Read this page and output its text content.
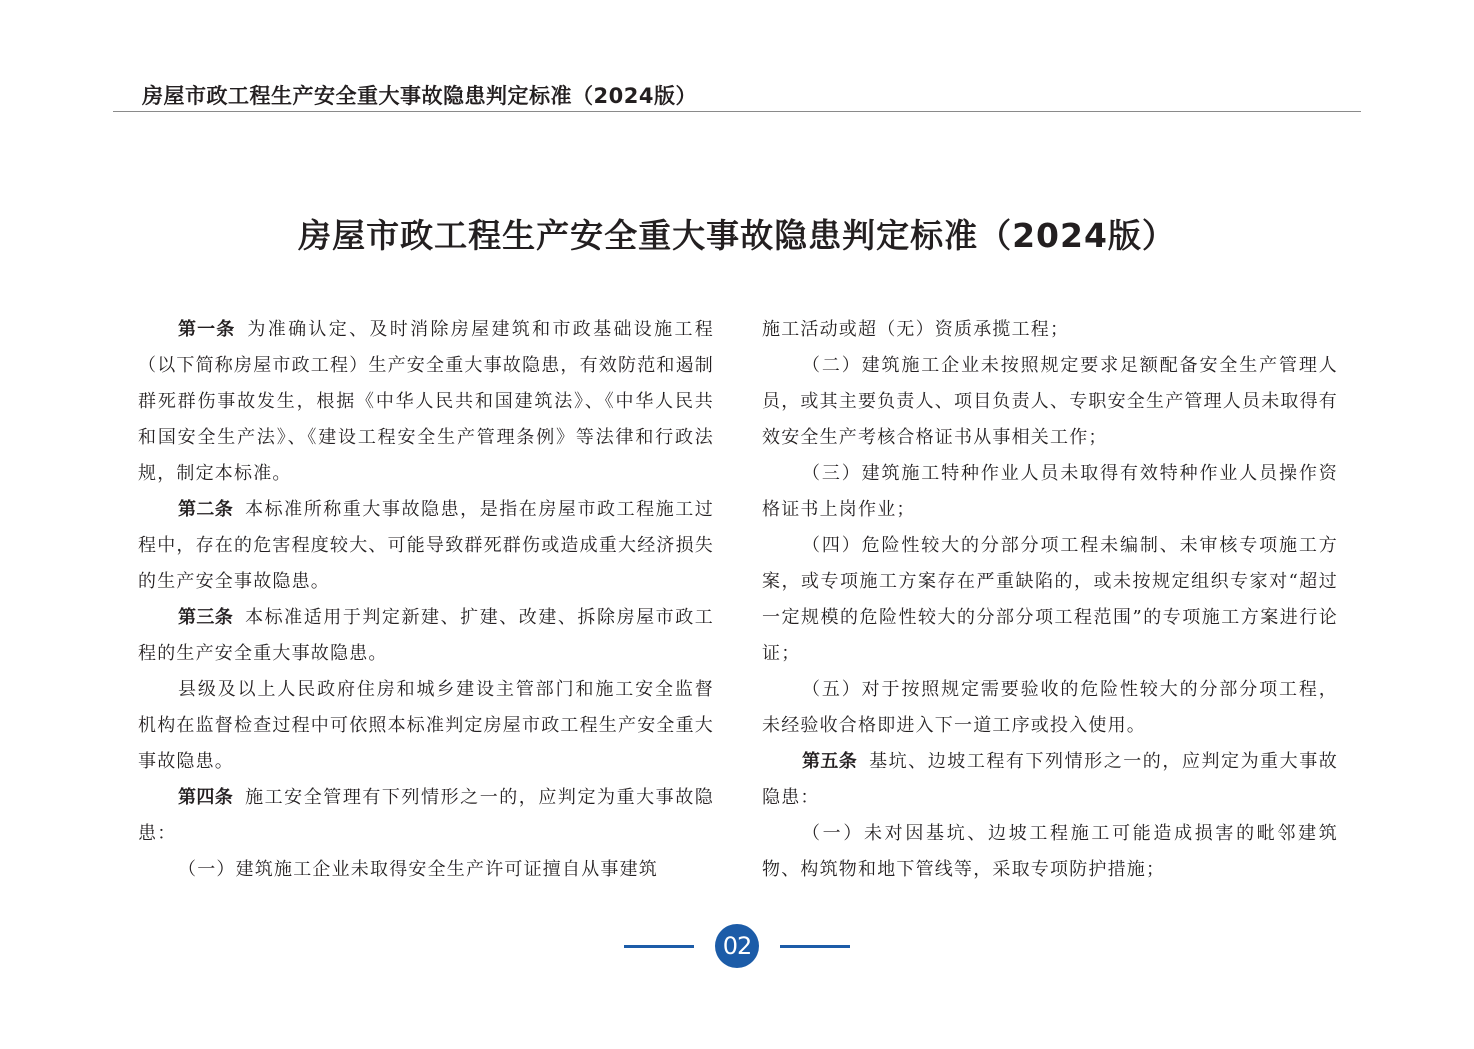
房屋市政工程生产安全重大事故隐患判定标准（2024版）
房屋市政工程生产安全重大事故隐患判定标准（2024版）

第一条 为准确认定、及时消除房屋建筑和市政基础设施工程（以下简称房屋市政工程）生产安全重大事故隐患，有效防范和遏制群死群伤事故发生，根据《中华人民共和国建筑法》、《中华人民共和国安全生产法》、《建设工程安全生产管理条例》等法律和行政法规，制定本标准。

第二条 本标准所称重大事故隐患，是指在房屋市政工程施工过程中，存在的危害程度较大、可能导致群死群伤或造成重大经济损失的生产安全事故隐患。

第三条 本标准适用于判定新建、扩建、改建、拆除房屋市政工程的生产安全重大事故隐患。

县级及以上人民政府住房和城乡建设主管部门和施工安全监督机构在监督检查过程中可依照本标准判定房屋市政工程生产安全重大事故隐患。

第四条 施工安全管理有下列情形之一的，应判定为重大事故隐患：

（一）建筑施工企业未取得安全生产许可证擅自从事建筑

施工活动或超（无）资质承揽工程；

（二）建筑施工企业未按照规定要求足额配备安全生产管理人员，或其主要负责人、项目负责人、专职安全生产管理人员未取得有效安全生产考核合格证书从事相关工作；

（三）建筑施工特种作业人员未取得有效特种作业人员操作资格证书上岗作业；

（四）危险性较大的分部分项工程未编制、未审核专项施工方案，或专项施工方案存在严重缺陷的，或未按规定组织专家对“超过一定规模的危险性较大的分部分项工程范围”的专项施工方案进行论证；

（五）对于按照规定需要验收的危险性较大的分部分项工程，未经验收合格即进入下一道工序或投入使用。

第五条 基坑、边坡工程有下列情形之一的，应判定为重大事故隐患：

（一）未对因基坑、边坡工程施工可能造成损害的毗邻建筑物、构筑物和地下管线等，采取专项防护措施；

02
